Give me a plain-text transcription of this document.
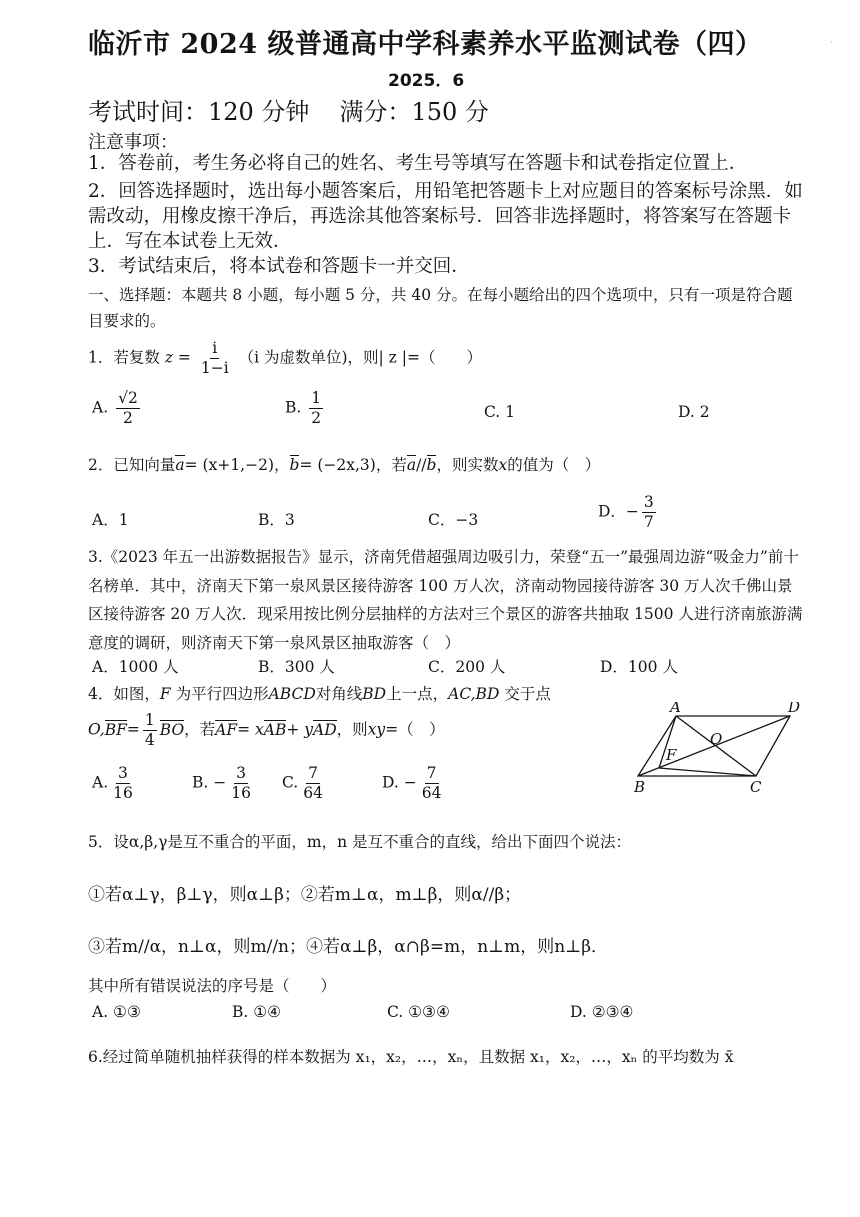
临沂市 2024 级普通高中学科素养水平监测试卷（四）
2025．6
·
考试时间：120 分钟 满分：150 分
注意事项：
1．答卷前，考生务必将自己的姓名、考生号等填写在答题卡和试卷指定位置上．
2．回答选择题时，选出每小题答案后，用铅笔把答题卡上对应题目的答案标号涂黑．如需改动，用橡皮擦干净后，再选涂其他答案标号．回答非选择题时，将答案写在答题卡上．写在本试卷上无效．
3．考试结束后，将本试卷和答题卡一并交回．
一、选择题：本题共 8 小题，每小题 5 分，共 40 分。在每小题给出的四个选项中，只有一项是符合题目要求的。
1．若复数 $z = \frac{i}{1-i} (i$ 为虚数单位)，则| z |=（　　）
A. $\frac{√2}{2}$	B. $\frac{1}{2}$	C. 1	D. 2
2．已知向量a= (x+1,−2)，b= (−2x,3)，若a//b，则实数x的值为（　）
A．1	B．3	C．−3	D．− $\frac{3}{7}$
3.《2023 年五一出游数据报告》显示，济南凭借超强周边吸引力，荣登“五一”最强周边游“吸金力”前十名榜单．其中，济南天下第一泉风景区接待游客 100 万人次，济南动物园接待游客 30 万人次千佛山景区接待游客 20 万人次．现采用按比例分层抽样的方法对三个景区的游客共抽取 1500 人进行济南旅游满意度的调研，则济南天下第一泉风景区抽取游客（　）
A．1000 人	B．300 人	C．200 人	D．100 人
4．如图，F 为平行四边形ABCD对角线BD上一点，AC,BD 交于点
$O,BF= \frac{1}{4}$ BO，若AF= xAB+ yAD，则xy=（　）
A. $\frac{3}{16}$	B. − $\frac{3}{16} C$. $\frac{7}{64}$	D. − $\frac{7}{64}$
A	D
B	C
O
F
5．设α,β,γ是互不重合的平面，m，n 是互不重合的直线，给出下面四个说法：
①若α⊥γ，β⊥γ，则α⊥β；②若m⊥α，m⊥β，则α//β；
③若m//α，n⊥α，则m//n；④若α⊥β，α∩β=m，n⊥m，则n⊥β．
其中所有错误说法的序号是（　　）
A. ①③	B. ①④	C. ①③④	D. ②③④
6.经过简单随机抽样获得的样本数据为 x₁，x₂，…，xₙ，且数据 x₁，x₂，…，xₙ 的平均数为 x̄
